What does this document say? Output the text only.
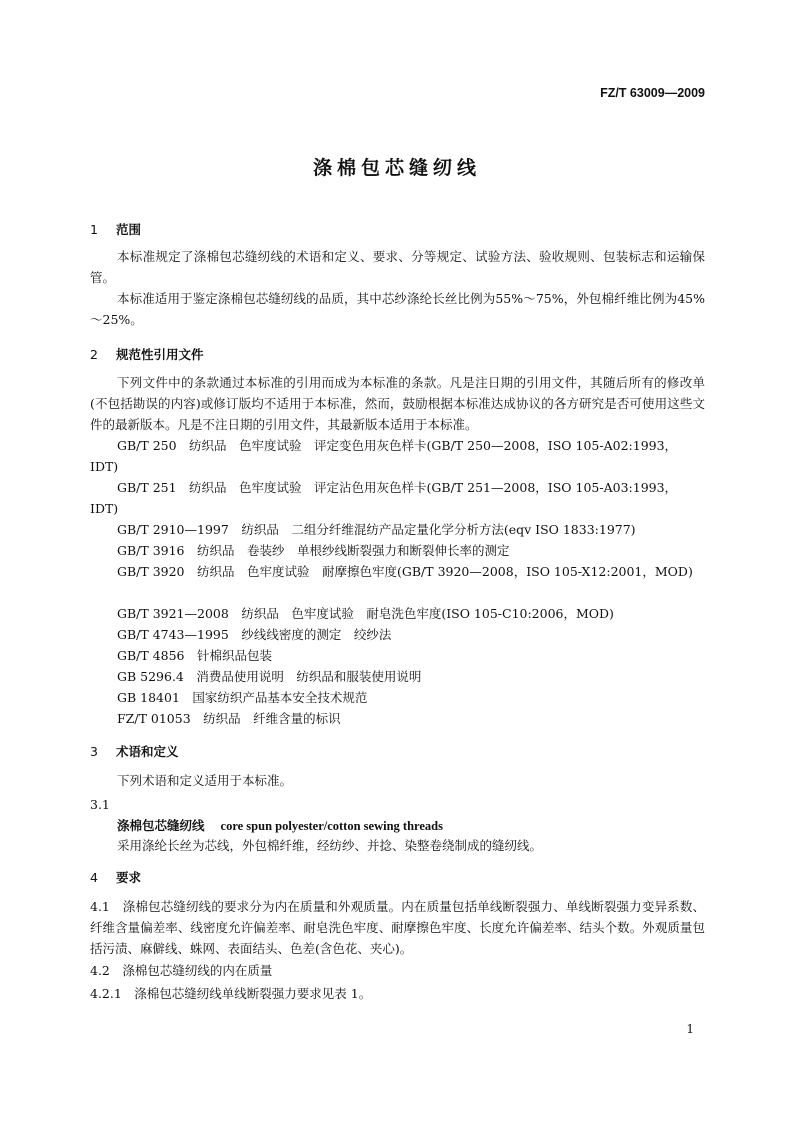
FZ/T 63009—2009
涤棉包芯缝纫线
1 范围
本标准规定了涤棉包芯缝纫线的术语和定义、要求、分等规定、试验方法、验收规则、包装标志和运输保管。
本标准适用于鉴定涤棉包芯缝纫线的品质，其中芯纱涤纶长丝比例为55%～75%，外包棉纤维比例为45%～25%。
2 规范性引用文件
下列文件中的条款通过本标准的引用而成为本标准的条款。凡是注日期的引用文件，其随后所有的修改单(不包括勘误的内容)或修订版均不适用于本标准，然而，鼓励根据本标准达成协议的各方研究是否可使用这些文件的最新版本。凡是不注日期的引用文件，其最新版本适用于本标准。
GB/T 250　纺织品　色牢度试验　评定变色用灰色样卡(GB/T 250—2008，ISO 105-A02:1993，IDT)
GB/T 251　纺织品　色牢度试验　评定沾色用灰色样卡(GB/T 251—2008，ISO 105-A03:1993，IDT)
GB/T 2910—1997　纺织品　二组分纤维混纺产品定量化学分析方法(eqv ISO 1833:1977)
GB/T 3916　纺织品　卷装纱　单根纱线断裂强力和断裂伸长率的测定
GB/T 3920　纺织品　色牢度试验　耐摩擦色牢度(GB/T 3920—2008，ISO 105-X12:2001，MOD)
GB/T 3921—2008　纺织品　色牢度试验　耐皂洗色牢度(ISO 105-C10:2006，MOD)
GB/T 4743—1995　纱线线密度的测定　绞纱法
GB/T 4856　针棉织品包装
GB 5296.4　消费品使用说明　纺织品和服装使用说明
GB 18401　国家纺织产品基本安全技术规范
FZ/T 01053　纺织品　纤维含量的标识
3 术语和定义
下列术语和定义适用于本标准。
3.1
涤棉包芯缝纫线 core spun polyester/cotton sewing threads
采用涤纶长丝为芯线，外包棉纤维，经纺纱、并捻、染整卷绕制成的缝纫线。
4 要求
4.1　涤棉包芯缝纫线的要求分为内在质量和外观质量。内在质量包括单线断裂强力、单线断裂强力变异系数、纤维含量偏差率、线密度允许偏差率、耐皂洗色牢度、耐摩擦色牢度、长度允许偏差率、结头个数。外观质量包括污渍、麻僻线、蛛网、表面结头、色差(含色花、夹心)。
4.2　涤棉包芯缝纫线的内在质量
4.2.1　涤棉包芯缝纫线单线断裂强力要求见表 1。
1
